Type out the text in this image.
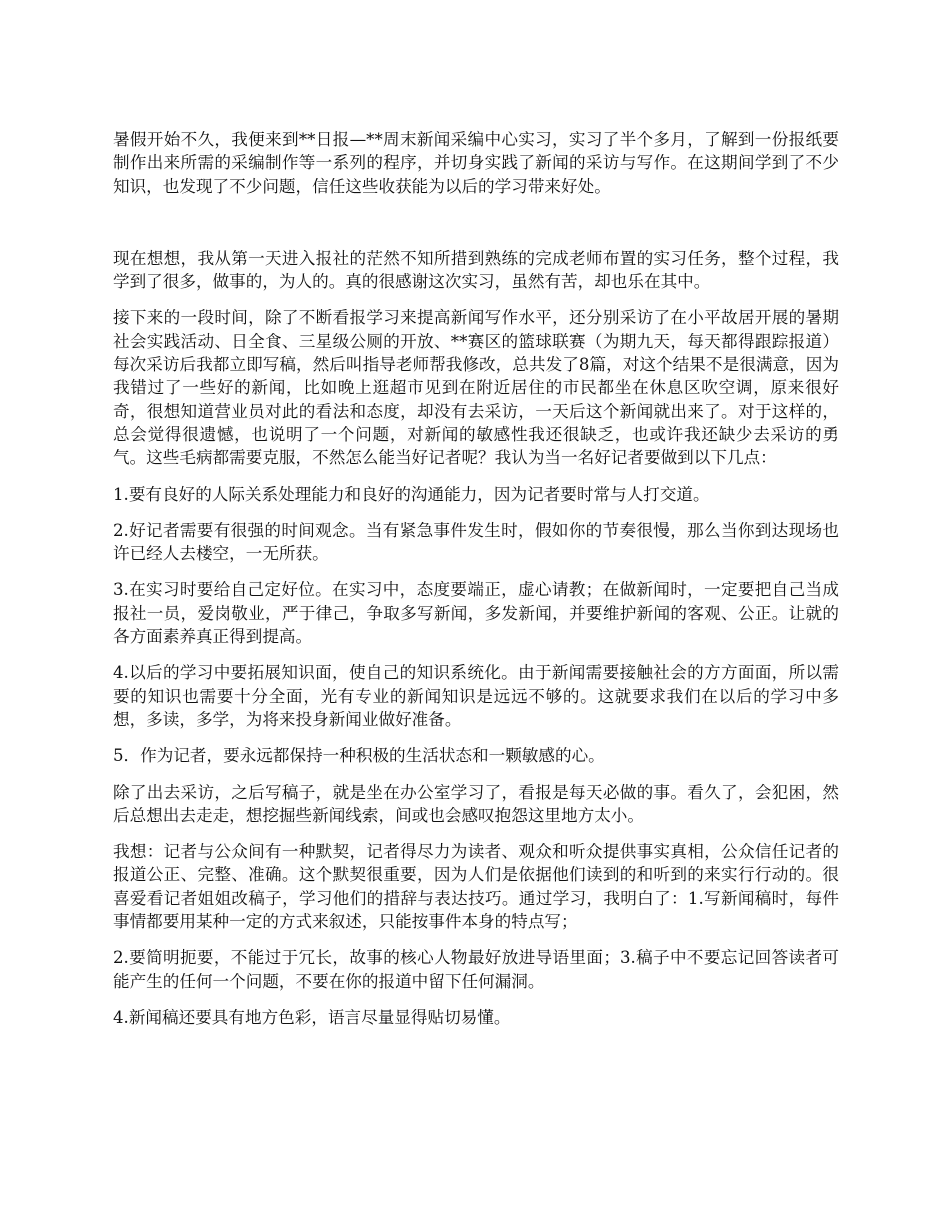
暑假开始不久，我便来到**日报—**周末新闻采编中心实习，实习了半个多月，了解到一份报纸要制作出来所需的采编制作等一系列的程序，并切身实践了新闻的采访与写作。在这期间学到了不少知识，也发现了不少问题，信任这些收获能为以后的学习带来好处。

现在想想，我从第一天进入报社的茫然不知所措到熟练的完成老师布置的实习任务，整个过程，我学到了很多，做事的，为人的。真的很感谢这次实习，虽然有苦，却也乐在其中。

接下来的一段时间，除了不断看报学习来提高新闻写作水平，还分别采访了在小平故居开展的暑期社会实践活动、日全食、三星级公厕的开放、**赛区的篮球联赛（为期九天，每天都得跟踪报道）每次采访后我都立即写稿，然后叫指导老师帮我修改，总共发了8篇，对这个结果不是很满意，因为我错过了一些好的新闻，比如晚上逛超市见到在附近居住的市民都坐在休息区吹空调，原来很好奇，很想知道营业员对此的看法和态度，却没有去采访，一天后这个新闻就出来了。对于这样的，总会觉得很遗憾，也说明了一个问题，对新闻的敏感性我还很缺乏，也或许我还缺少去采访的勇气。这些毛病都需要克服，不然怎么能当好记者呢？我认为当一名好记者要做到以下几点：

1.要有良好的人际关系处理能力和良好的沟通能力，因为记者要时常与人打交道。

2.好记者需要有很强的时间观念。当有紧急事件发生时，假如你的节奏很慢，那么当你到达现场也许已经人去楼空，一无所获。

3.在实习时要给自己定好位。在实习中，态度要端正，虚心请教；在做新闻时，一定要把自己当成报社一员，爱岗敬业，严于律己，争取多写新闻，多发新闻，并要维护新闻的客观、公正。让就的各方面素养真正得到提高。

4.以后的学习中要拓展知识面，使自己的知识系统化。由于新闻需要接触社会的方方面面，所以需要的知识也需要十分全面，光有专业的新闻知识是远远不够的。这就要求我们在以后的学习中多想，多读，多学，为将来投身新闻业做好准备。

5．作为记者，要永远都保持一种积极的生活状态和一颗敏感的心。

除了出去采访，之后写稿子，就是坐在办公室学习了，看报是每天必做的事。看久了，会犯困，然后总想出去走走，想挖掘些新闻线索，间或也会感叹抱怨这里地方太小。

我想：记者与公众间有一种默契，记者得尽力为读者、观众和听众提供事实真相，公众信任记者的报道公正、完整、准确。这个默契很重要，因为人们是依据他们读到的和听到的来实行行动的。很喜爱看记者姐姐改稿子，学习他们的措辞与表达技巧。通过学习，我明白了：1.写新闻稿时，每件事情都要用某种一定的方式来叙述，只能按事件本身的特点写；

2.要简明扼要，不能过于冗长，故事的核心人物最好放进导语里面；3.稿子中不要忘记回答读者可能产生的任何一个问题，不要在你的报道中留下任何漏洞。

4.新闻稿还要具有地方色彩，语言尽量显得贴切易懂。
